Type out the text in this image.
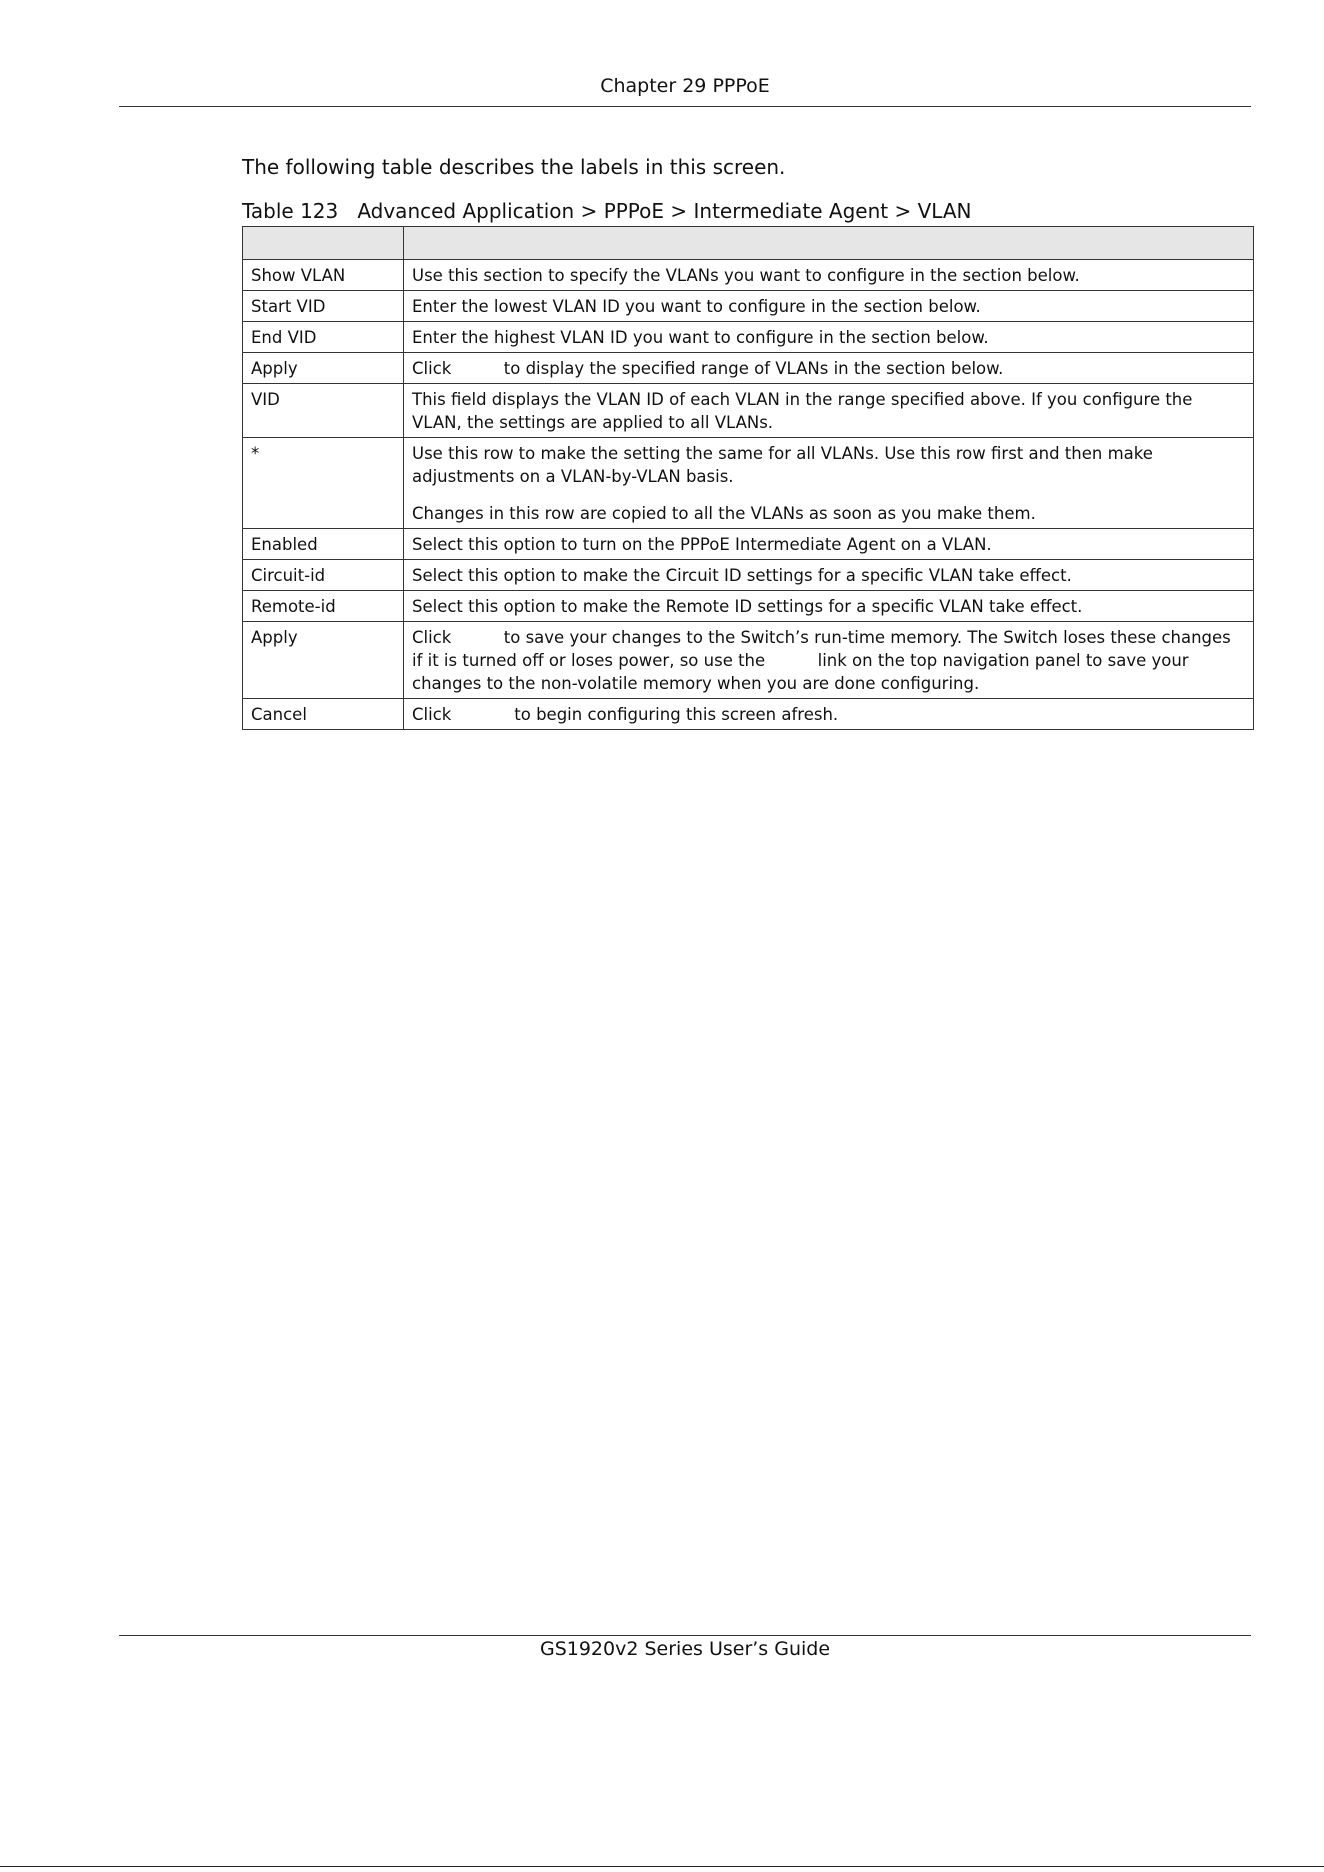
Chapter 29 PPPoE
The following table describes the labels in this screen.
Table 123   Advanced Application > PPPoE > Intermediate Agent > VLAN

Show VLAN	Use this section to specify the VLANs you want to configure in the section below.

Start VID	Enter the lowest VLAN ID you want to configure in the section below.

End VID	Enter the highest VLAN ID you want to configure in the section below.

Apply	Click          to display the specified range of VLANs in the section below.

VID	This field displays the VLAN ID of each VLAN in the range specified above. If you configure the VLAN, the settings are applied to all VLANs.

*	Use this row to make the setting the same for all VLANs. Use this row first and then make adjustments on a VLAN-by-VLAN basis.

Changes in this row are copied to all the VLANs as soon as you make them.

Enabled	Select this option to turn on the PPPoE Intermediate Agent on a VLAN.

Circuit-id	Select this option to make the Circuit ID settings for a specific VLAN take effect.

Remote-id	Select this option to make the Remote ID settings for a specific VLAN take effect.

Apply	Click          to save your changes to the Switch’s run-time memory. The Switch loses these changes if it is turned off or loses power, so use the          link on the top navigation panel to save your changes to the non-volatile memory when you are done configuring.

Cancel	Click            to begin configuring this screen afresh.

GS1920v2 Series User’s Guide
